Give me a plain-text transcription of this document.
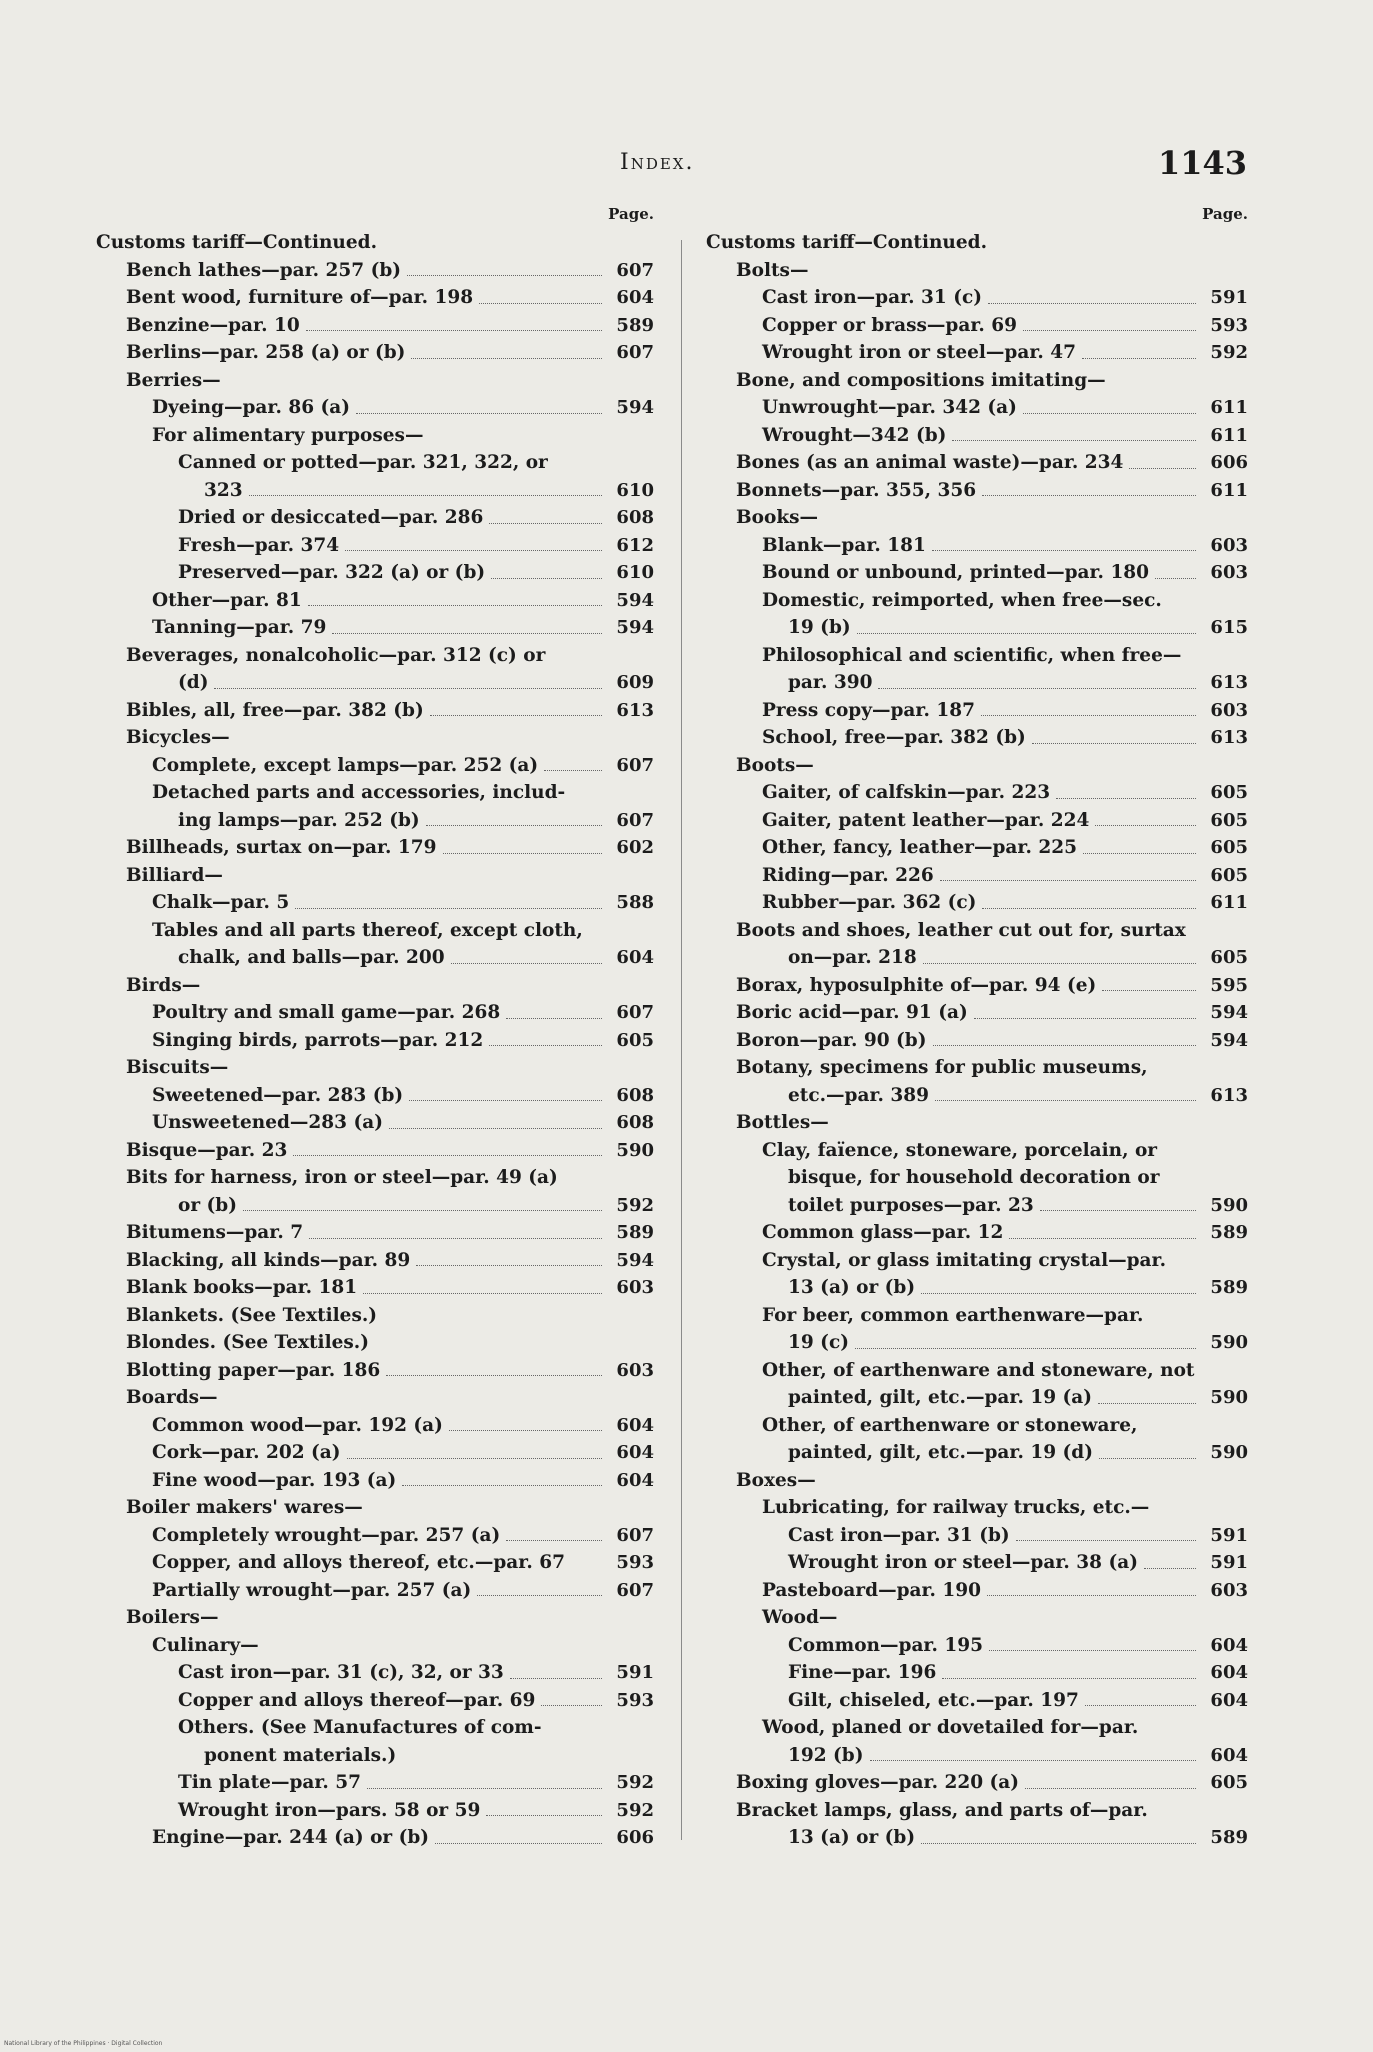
Index.	1143
Page.
Customs tariff—Continued.
Bench lathes—par. 257 (b)	607
Bent wood, furniture of—par. 198	604
Benzine—par. 10	589
Berlins—par. 258 (a) or (b)	607
Berries—
Dyeing—par. 86 (a)	594
For alimentary purposes—
Canned or potted—par. 321, 322, or
323	610
Dried or desiccated—par. 286	608
Fresh—par. 374	612
Preserved—par. 322 (a) or (b)	610
Other—par. 81	594
Tanning—par. 79	594
Beverages, nonalcoholic—par. 312 (c) or
(d)	609
Bibles, all, free—par. 382 (b)	613
Bicycles—
Complete, except lamps—par. 252 (a)	607
Detached parts and accessories, includ-
ing lamps—par. 252 (b)	607
Billheads, surtax on—par. 179	602
Billiard—
Chalk—par. 5	588
Tables and all parts thereof, except cloth,
chalk, and balls—par. 200	604
Birds—
Poultry and small game—par. 268	607
Singing birds, parrots—par. 212	605
Biscuits—
Sweetened—par. 283 (b)	608
Unsweetened—283 (a)	608
Bisque—par. 23	590
Bits for harness, iron or steel—par. 49 (a)
or (b)	592
Bitumens—par. 7	589
Blacking, all kinds—par. 89	594
Blank books—par. 181	603
Blankets. (See Textiles.)
Blondes. (See Textiles.)
Blotting paper—par. 186	603
Boards—
Common wood—par. 192 (a)	604
Cork—par. 202 (a)	604
Fine wood—par. 193 (a)	604
Boiler makers' wares—
Completely wrought—par. 257 (a)	607
Copper, and alloys thereof, etc.—par. 67	593
Partially wrought—par. 257 (a)	607
Boilers—
Culinary—
Cast iron—par. 31 (c), 32, or 33	591
Copper and alloys thereof—par. 69	593
Others. (See Manufactures of com-
ponent materials.)
Tin plate—par. 57	592
Wrought iron—pars. 58 or 59	592
Engine—par. 244 (a) or (b)	606
Page.
Customs tariff—Continued.
Bolts—
Cast iron—par. 31 (c)	591
Copper or brass—par. 69	593
Wrought iron or steel—par. 47	592
Bone, and compositions imitating—
Unwrought—par. 342 (a)	611
Wrought—342 (b)	611
Bones (as an animal waste)—par. 234	606
Bonnets—par. 355, 356	611
Books—
Blank—par. 181	603
Bound or unbound, printed—par. 180	603
Domestic, reimported, when free—sec.
19 (b)	615
Philosophical and scientific, when free—
par. 390	613
Press copy—par. 187	603
School, free—par. 382 (b)	613
Boots—
Gaiter, of calfskin—par. 223	605
Gaiter, patent leather—par. 224	605
Other, fancy, leather—par. 225	605
Riding—par. 226	605
Rubber—par. 362 (c)	611
Boots and shoes, leather cut out for, surtax
on—par. 218	605
Borax, hyposulphite of—par. 94 (e)	595
Boric acid—par. 91 (a)	594
Boron—par. 90 (b)	594
Botany, specimens for public museums,
etc.—par. 389	613
Bottles—
Clay, faïence, stoneware, porcelain, or
bisque, for household decoration or
toilet purposes—par. 23	590
Common glass—par. 12	589
Crystal, or glass imitating crystal—par.
13 (a) or (b)	589
For beer, common earthenware—par.
19 (c)	590
Other, of earthenware and stoneware, not
painted, gilt, etc.—par. 19 (a)	590
Other, of earthenware or stoneware,
painted, gilt, etc.—par. 19 (d)	590
Boxes—
Lubricating, for railway trucks, etc.—
Cast iron—par. 31 (b)	591
Wrought iron or steel—par. 38 (a)	591
Pasteboard—par. 190	603
Wood—
Common—par. 195	604
Fine—par. 196	604
Gilt, chiseled, etc.—par. 197	604
Wood, planed or dovetailed for—par.
192 (b)	604
Boxing gloves—par. 220 (a)	605
Bracket lamps, glass, and parts of—par.
13 (a) or (b)	589
National Library of the Philippines · Digital Collection
